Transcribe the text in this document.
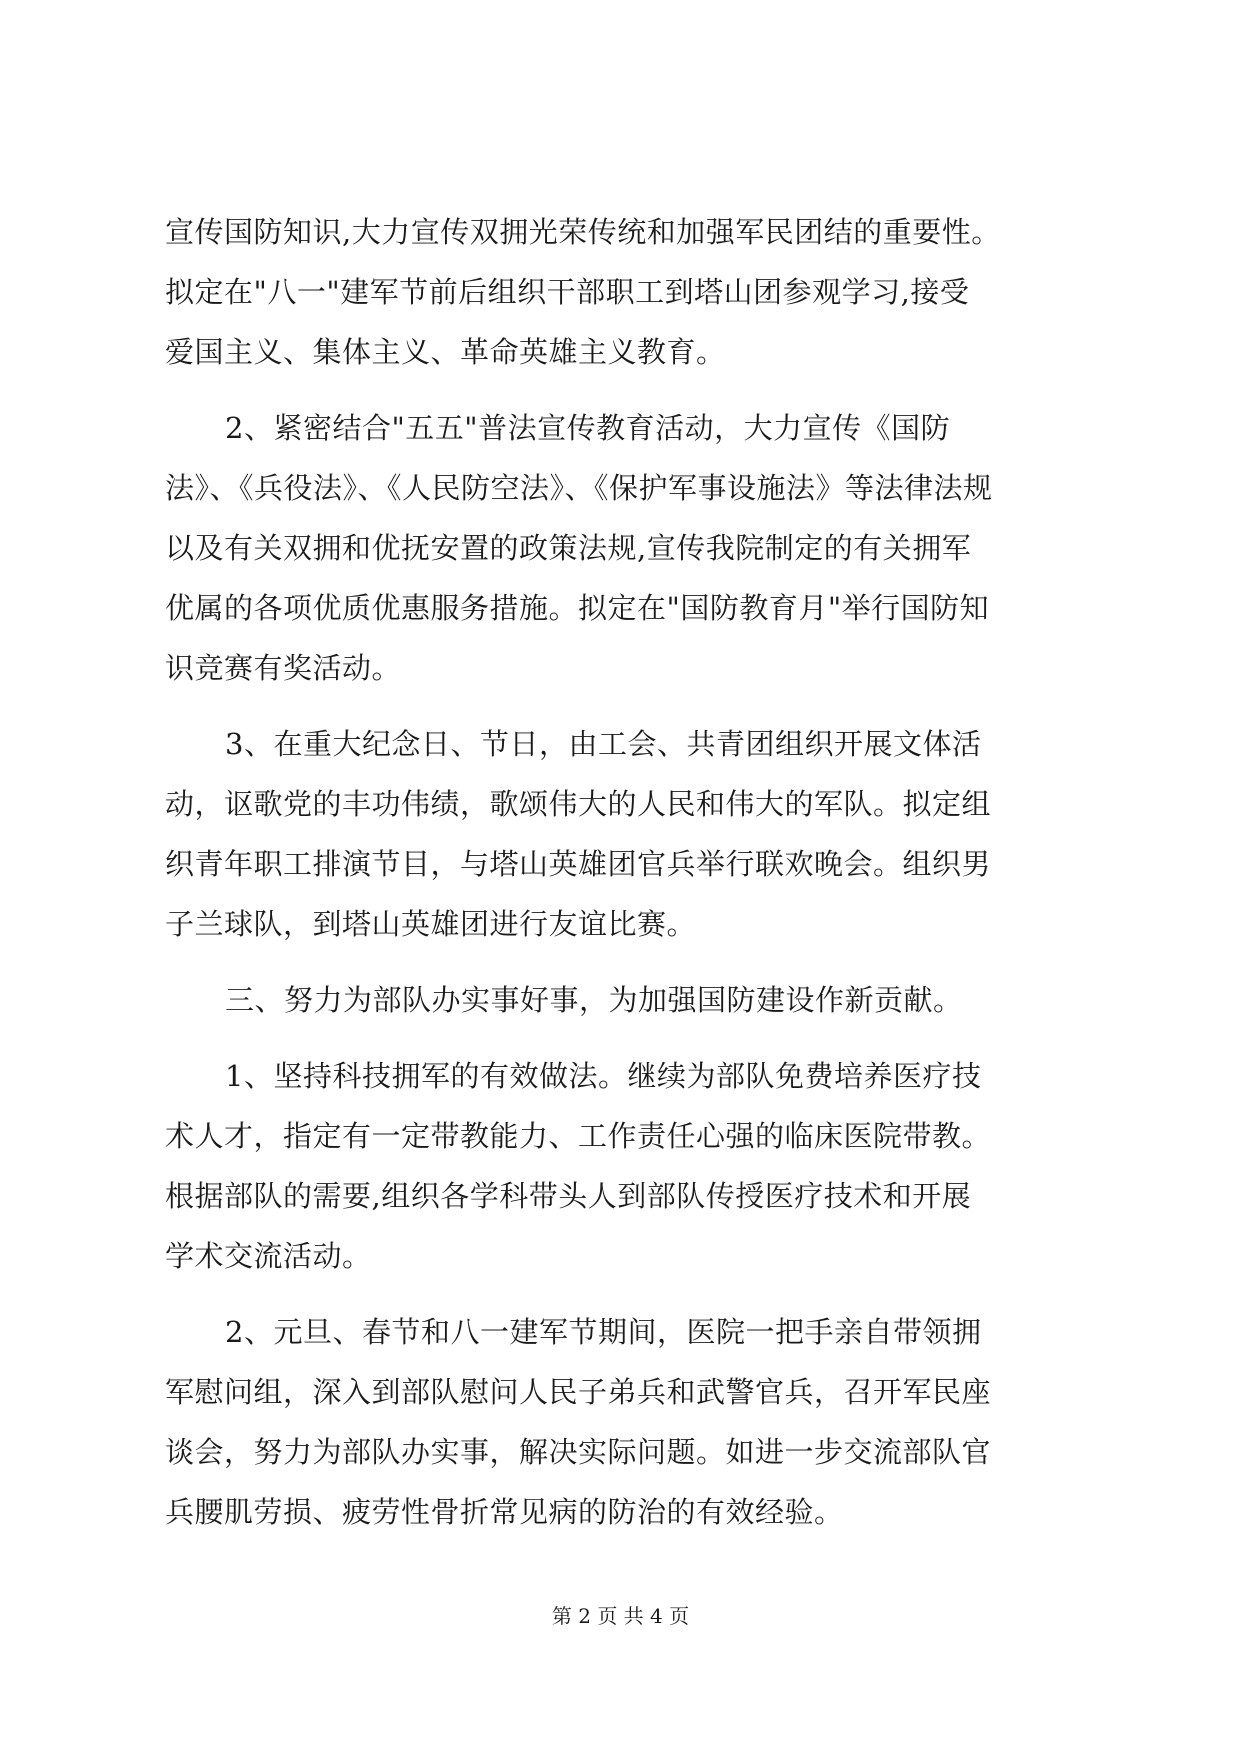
宣传国防知识,大力宣传双拥光荣传统和加强军民团结的重要性。
拟定在"八一"建军节前后组织干部职工到塔山团参观学习,接受
爱国主义、集体主义、革命英雄主义教育。
2、紧密结合"五五"普法宣传教育活动，大力宣传《国防
法》、《兵役法》、《人民防空法》、《保护军事设施法》等法律法规
以及有关双拥和优抚安置的政策法规,宣传我院制定的有关拥军
优属的各项优质优惠服务措施。拟定在"国防教育月"举行国防知
识竞赛有奖活动。
3、在重大纪念日、节日，由工会、共青团组织开展文体活
动，讴歌党的丰功伟绩，歌颂伟大的人民和伟大的军队。拟定组
织青年职工排演节目，与塔山英雄团官兵举行联欢晚会。组织男
子兰球队，到塔山英雄团进行友谊比赛。
三、努力为部队办实事好事，为加强国防建设作新贡献。
1、坚持科技拥军的有效做法。继续为部队免费培养医疗技
术人才，指定有一定带教能力、工作责任心强的临床医院带教。
根据部队的需要,组织各学科带头人到部队传授医疗技术和开展
学术交流活动。
2、元旦、春节和八一建军节期间，医院一把手亲自带领拥
军慰问组，深入到部队慰问人民子弟兵和武警官兵，召开军民座
谈会，努力为部队办实事，解决实际问题。如进一步交流部队官
兵腰肌劳损、疲劳性骨折常见病的防治的有效经验。
第 2 页 共 4 页
